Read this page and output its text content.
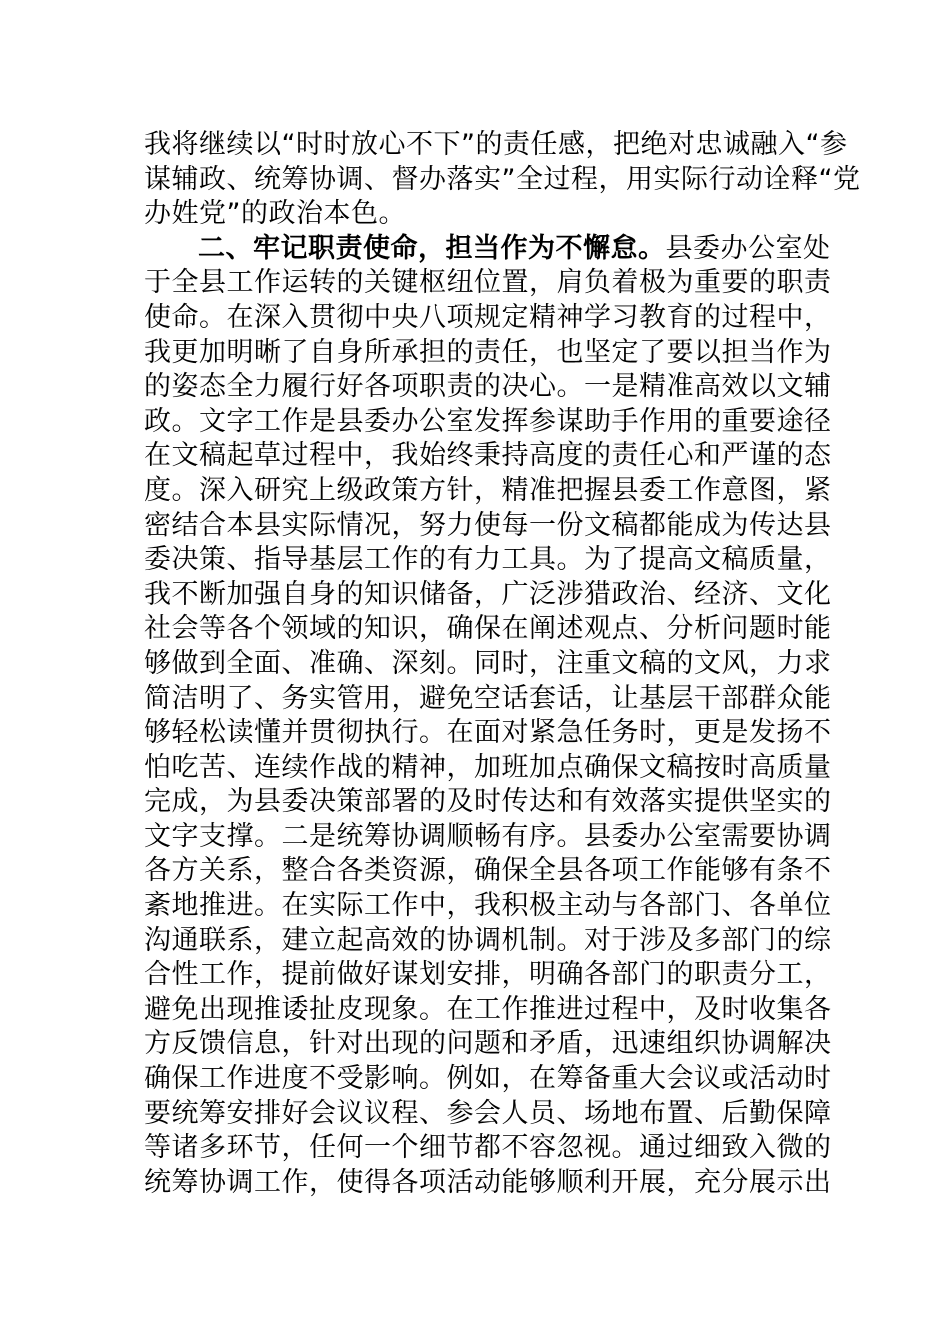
我将继续以“时时放心不下”的责任感，把绝对忠诚融入“参
谋辅政、统筹协调、督办落实”全过程，用实际行动诠释“党
办姓党”的政治本色。
二、牢记职责使命，担当作为不懈怠。县委办公室处
于全县工作运转的关键枢纽位置，肩负着极为重要的职责
使命。在深入贯彻中央八项规定精神学习教育的过程中，
我更加明晰了自身所承担的责任，也坚定了要以担当作为
的姿态全力履行好各项职责的决心。一是精准高效以文辅
政。文字工作是县委办公室发挥参谋助手作用的重要途径
在文稿起草过程中，我始终秉持高度的责任心和严谨的态
度。深入研究上级政策方针，精准把握县委工作意图，紧
密结合本县实际情况，努力使每一份文稿都能成为传达县
委决策、指导基层工作的有力工具。为了提高文稿质量，
我不断加强自身的知识储备，广泛涉猎政治、经济、文化
社会等各个领域的知识，确保在阐述观点、分析问题时能
够做到全面、准确、深刻。同时，注重文稿的文风，力求
简洁明了、务实管用，避免空话套话，让基层干部群众能
够轻松读懂并贯彻执行。在面对紧急任务时，更是发扬不
怕吃苦、连续作战的精神，加班加点确保文稿按时高质量
完成，为县委决策部署的及时传达和有效落实提供坚实的
文字支撑。二是统筹协调顺畅有序。县委办公室需要协调
各方关系，整合各类资源，确保全县各项工作能够有条不
紊地推进。在实际工作中，我积极主动与各部门、各单位
沟通联系，建立起高效的协调机制。对于涉及多部门的综
合性工作，提前做好谋划安排，明确各部门的职责分工，
避免出现推诿扯皮现象。在工作推进过程中，及时收集各
方反馈信息，针对出现的问题和矛盾，迅速组织协调解决
确保工作进度不受影响。例如，在筹备重大会议或活动时
要统筹安排好会议议程、参会人员、场地布置、后勤保障
等诸多环节，任何一个细节都不容忽视。通过细致入微的
统筹协调工作，使得各项活动能够顺利开展，充分展示出
